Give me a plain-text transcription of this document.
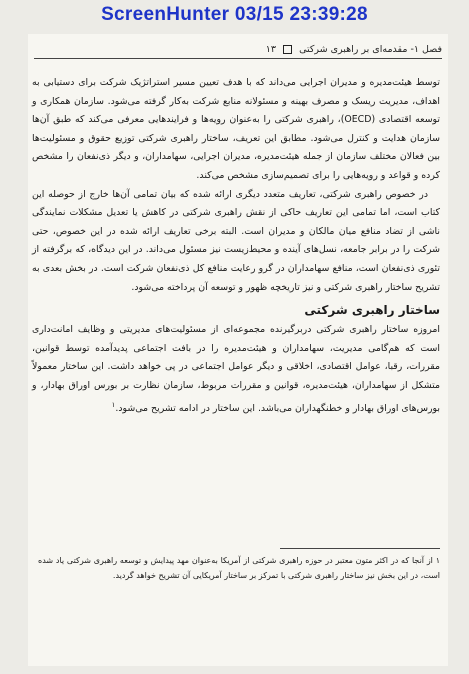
ScreenHunter 03/15 23:39:28
فصل ۱- مقدمه‌ای بر راهبری شرکتی  ۱۳

توسط هیئت‌مدیره و مدیران اجرایی می‌داند که با هدف تعیین مسیر استراتژیک شرکت برای دستیابی به اهداف، مدیریت ریسک و مصرف بهینه و مسئولانه منابع شرکت به‌کار گرفته می‌شود. سازمان همکاری و توسعه اقتصادی (OECD)، راهبری شرکتی را به‌عنوان رویه‌ها و فرایندهایی معرفی می‌کند که طبق آن‌ها سازمان هدایت و کنترل می‌شود. مطابق این تعریف، ساختار راهبری شرکتی توزیع حقوق و مسئولیت‌ها بین فعالان مختلف سازمان از جمله هیئت‌مدیره، مدیران اجرایی، سهامداران، و دیگر ذی‌نفعان را مشخص کرده و قواعد و رویه‌هایی را برای تصمیم‌سازی مشخص می‌کند.

در خصوص راهبری شرکتی، تعاریف متعدد دیگری ارائه شده که بیان تمامی آن‌ها خارج از حوصله این کتاب است، اما تمامی این تعاریف حاکی از نقش راهبری شرکتی در کاهش یا تعدیل مشکلات نمایندگی ناشی از تضاد منافع میان مالکان و مدیران است. البته برخی تعاریف ارائه شده در این خصوص، حتی شرکت را در برابر جامعه، نسل‌های آینده و محیط‌زیست نیز مسئول می‌داند. در این دیدگاه، که برگرفته از تئوری ذی‌نفعان است، منافع سهامداران در گرو رعایت منافع کل ذی‌نفعان شرکت است. در بخش بعدی به تشریح ساختار راهبری شرکتی و نیز تاریخچه ظهور و توسعه آن پرداخته می‌شود.

ساختار راهبری شرکتی

امروزه ساختار راهبری شرکتی دربرگیرنده مجموعه‌ای از مسئولیت‌های مدیریتی و وظایف امانت‌داری است که هم‌گامی مدیریت، سهامداران و هیئت‌مدیره را در بافت اجتماعی پدیدآمده توسط قوانین، مقررات، رقبا، عوامل اقتصادی، اخلاقی و دیگر عوامل اجتماعی در پی خواهد داشت. این ساختار معمولاً متشکل از سهامداران، هیئت‌مدیره، قوانین و مقررات مربوط، سازمان نظارت بر بورس اوراق بهادار، و بورس‌های اوراق بهادار و خطنگهداران می‌باشد. این ساختار در ادامه تشریح می‌شود.$^۱$

۱ از آنجا که در اکثر متون معتبر در حوزه راهبری شرکتی از آمریکا به‌عنوان مهد پیدایش و توسعه راهبری شرکتی یاد شده است، در این بخش نیز ساختار راهبری شرکتی با تمرکز بر ساختار آمریکایی آن تشریح خواهد گردید.
